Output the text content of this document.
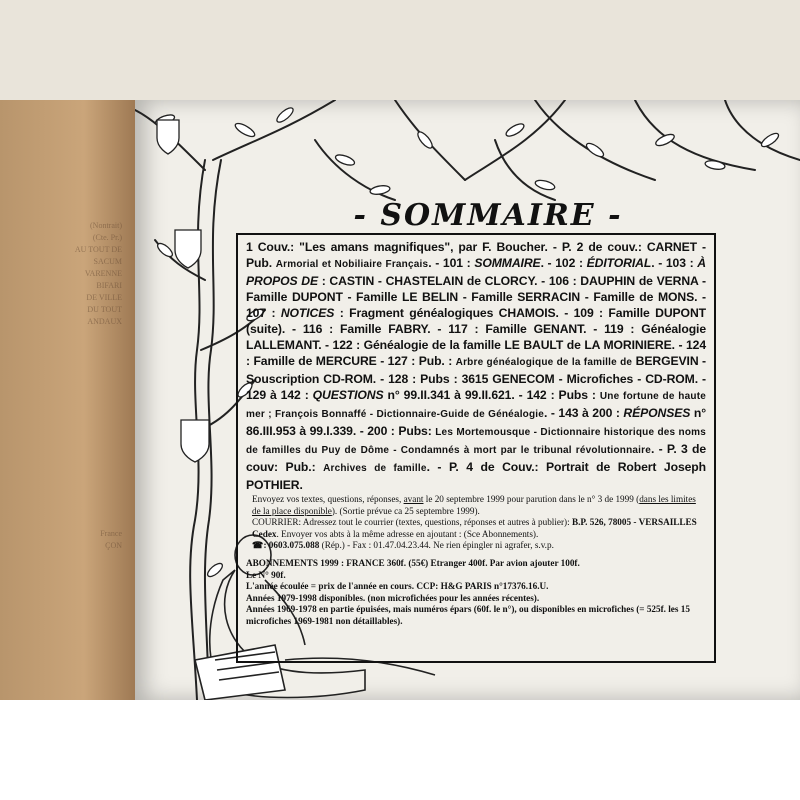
(Nontrait)
(Cte. Pr.)
AU TOUT DE
SACUM
VARENNE
BIFARI
DE VILLE
DU TOUT
ANDAUX
France
ÇON
- SOMMAIRE -

1 Couv.: "Les amans magnifiques", par F. Boucher. - P. 2 de couv.: CARNET - Pub. Armorial et Nobiliaire Français. - 101 : SOMMAIRE. - 102 : ÉDITORIAL. - 103 : À PROPOS DE : CASTIN - CHASTELAIN de CLORCY. - 106 : DAUPHIN de VERNA - Famille DUPONT - Famille LE BELIN - Famille SERRACIN - Famille de MONS. - 107 : NOTICES : Fragment généalogiques CHAMOIS. - 109 : Famille DUPONT (suite). - 116 : Famille FABRY. - 117 : Famille GENANT. - 119 : Généalogie LALLEMANT. - 122 : Généalogie de la famille LE BAULT de LA MORINIERE. - 124 : Famille de MERCURE - 127 : Pub. : Arbre généalogique de la famille de BERGEVIN - Souscription CD-ROM. - 128 : Pubs : 3615 GENECOM - Microfiches - CD-ROM. - 129 à 142 : QUESTIONS n° 99.II.341 à 99.II.621. - 142 : Pubs : Une fortune de haute mer ; François Bonnaffé - Dictionnaire-Guide de Généalogie. - 143 à 200 : RÉPONSES n° 86.III.953 à 99.I.339. - 200 : Pubs: Les Mortemousque - Dictionnaire historique des noms de familles du Puy de Dôme - Condamnés à mort par le tribunal révolutionnaire. - P. 3 de couv: Pub.: Archives de famille. - P. 4 de Couv.: Portrait de Robert Joseph POTHIER.

Envoyez vos textes, questions, réponses, avant le 20 septembre 1999 pour parution dans le n° 3 de 1999 (dans les limites de la place disponible). (Sortie prévue ca 25 septembre 1999).

COURRIER: Adressez tout le courrier (textes, questions, réponses et autres à publier): B.P. 526, 78005 - VERSAILLES Cedex. Envoyer vos abts à la même adresse en ajoutant : (Sce Abonnements).

☎: 0603.075.088 (Rép.) - Fax : 01.47.04.23.44. Ne rien épingler ni agrafer, s.v.p.

ABONNEMENTS 1999 : FRANCE 360f. (55€) Etranger 400f. Par avion ajouter 100f.

Le N° 90f.

L'année écoulée = prix de l'année en cours. CCP: H&G PARIS n°17376.16.U.

Années 1979-1998 disponibles. (non microfichées pour les années récentes).

Années 1969-1978 en partie épuisées, mais numéros épars (60f. le n°), ou disponibles en microfiches (= 525f. les 15 microfiches 1969-1981 non détaillables).
